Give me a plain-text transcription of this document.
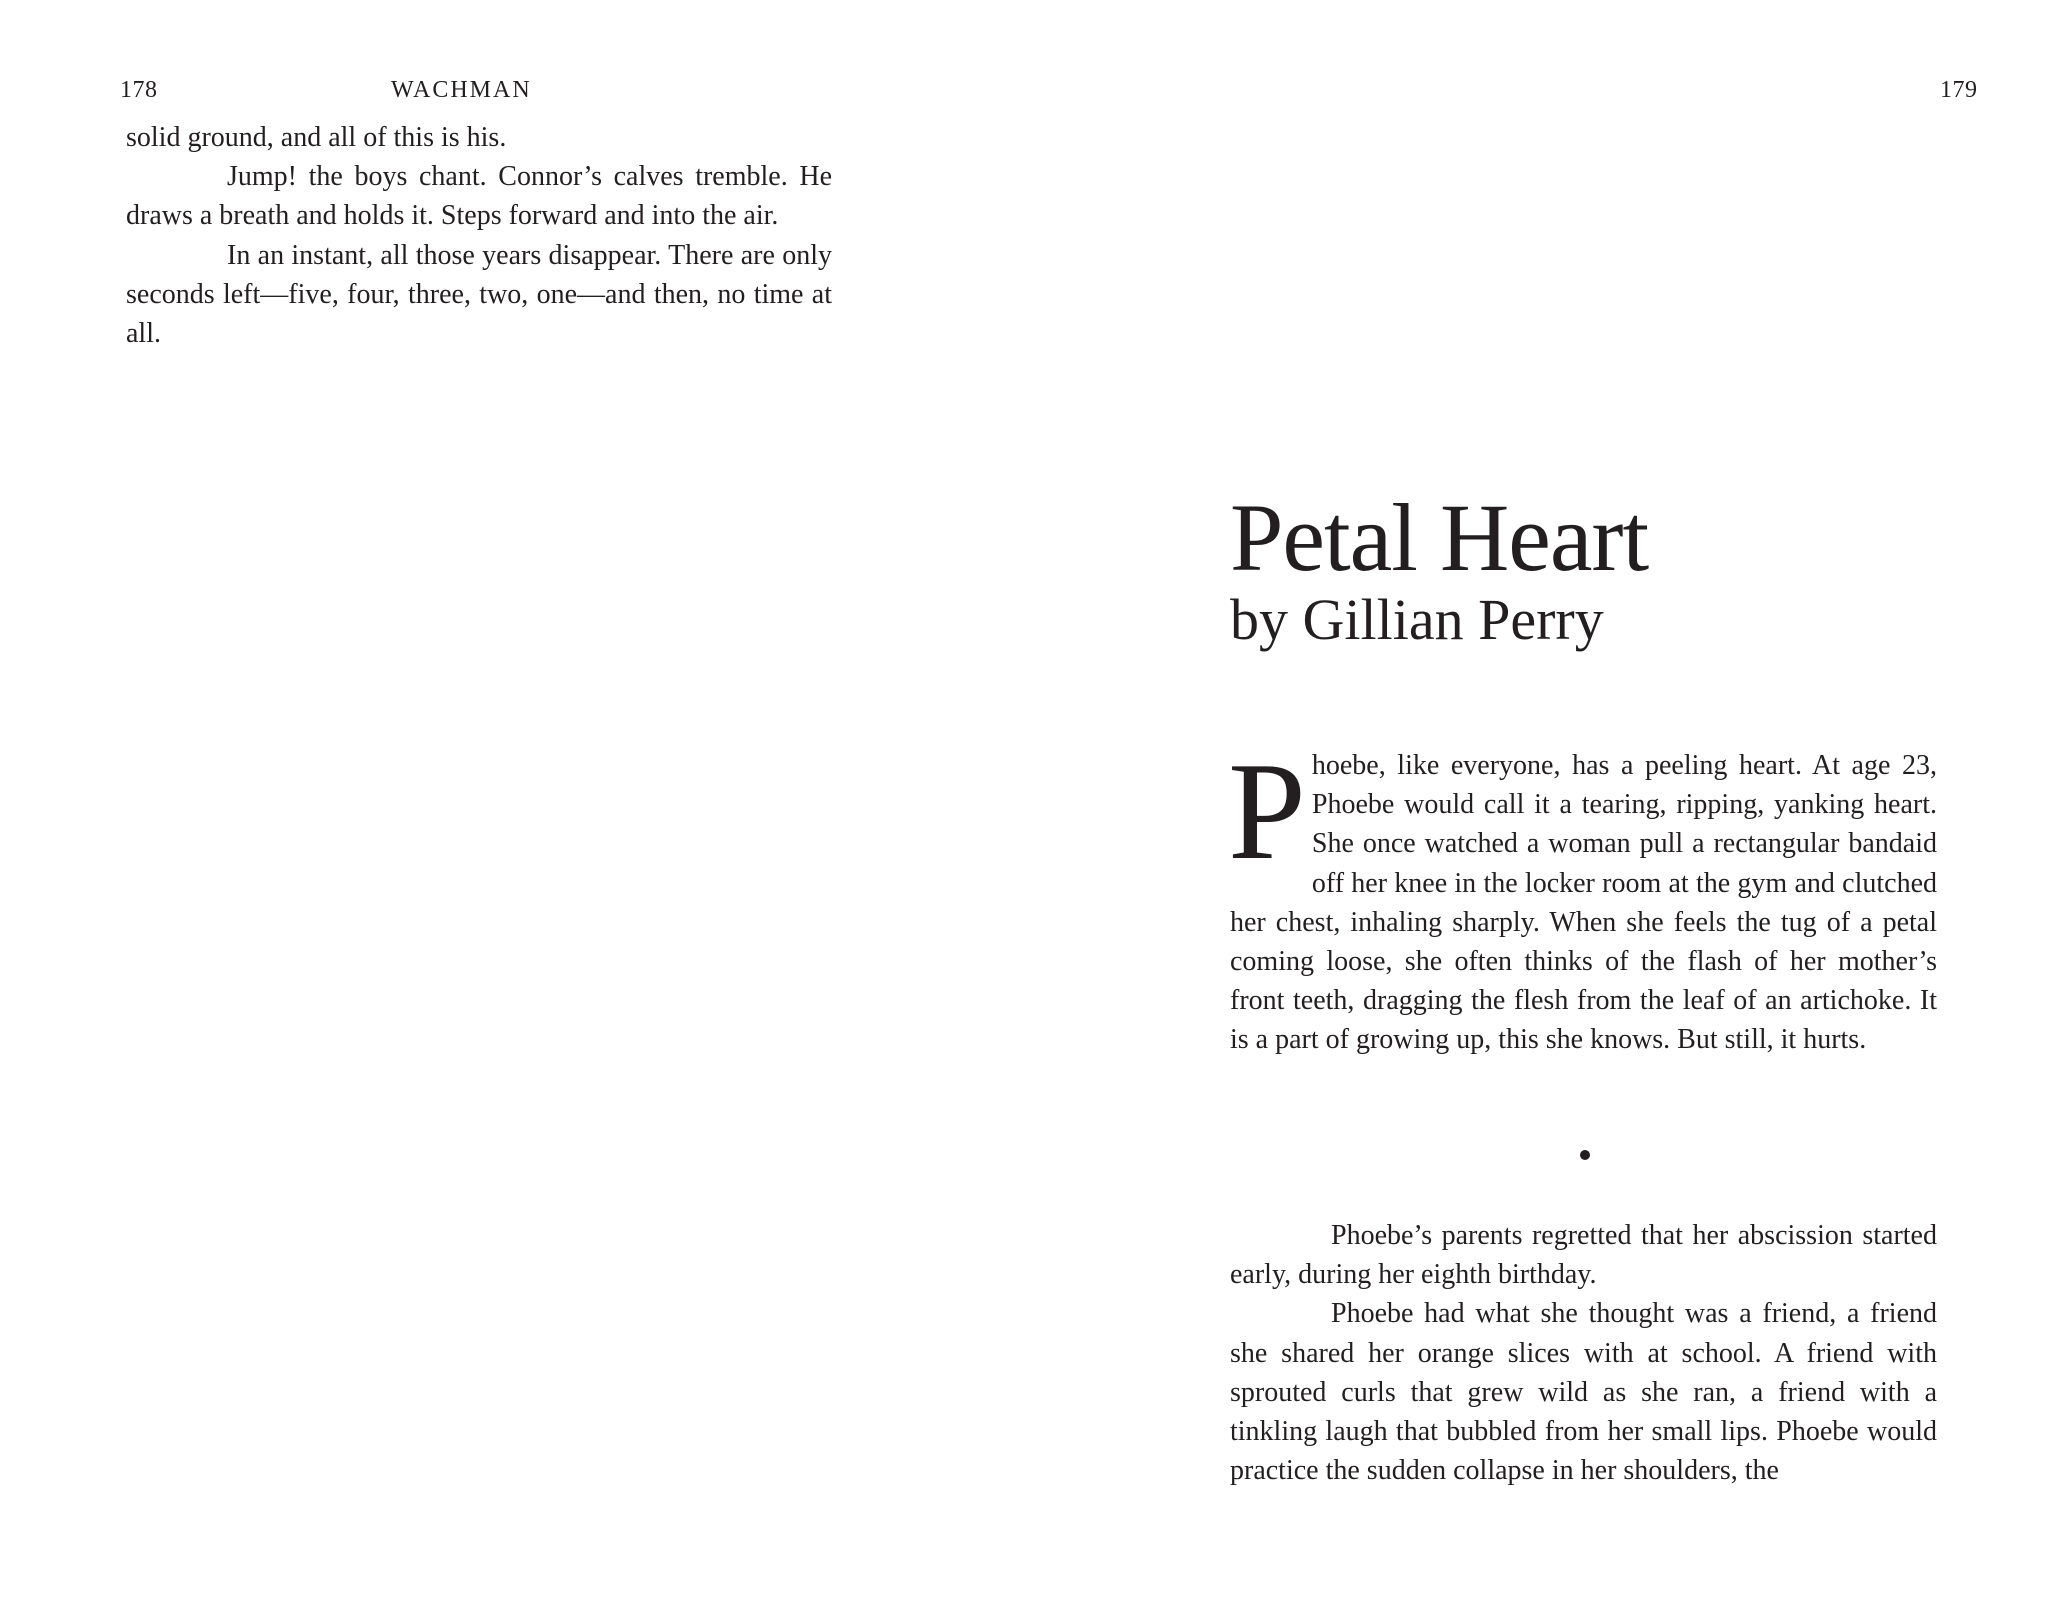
178	WACHMAN

solid ground, and all of this is his.

Jump! the boys chant. Connor’s calves tremble. He draws a breath and holds it. Steps forward and into the air.

In an instant, all those years disappear. There are only seconds left—five, four, three, two, one—and then, no time at all.

179
Petal Heart
by Gillian Perry

Phoebe, like everyone, has a peeling heart. At age 23, Phoebe would call it a tearing, ripping, yanking heart. She once watched a woman pull a rectangular bandaid off her knee in the locker room at the gym and clutched her chest, inhaling sharply. When she feels the tug of a petal coming loose, she often thinks of the flash of her mother’s front teeth, dragging the flesh from the leaf of an artichoke. It is a part of growing up, this she knows. But still, it hurts.

Phoebe’s parents regretted that her abscission started early, during her eighth birthday.

Phoebe had what she thought was a friend, a friend she shared her orange slices with at school. A friend with sprouted curls that grew wild as she ran, a friend with a tinkling laugh that bubbled from her small lips. Phoebe would practice the sudden collapse in her shoulders, the
